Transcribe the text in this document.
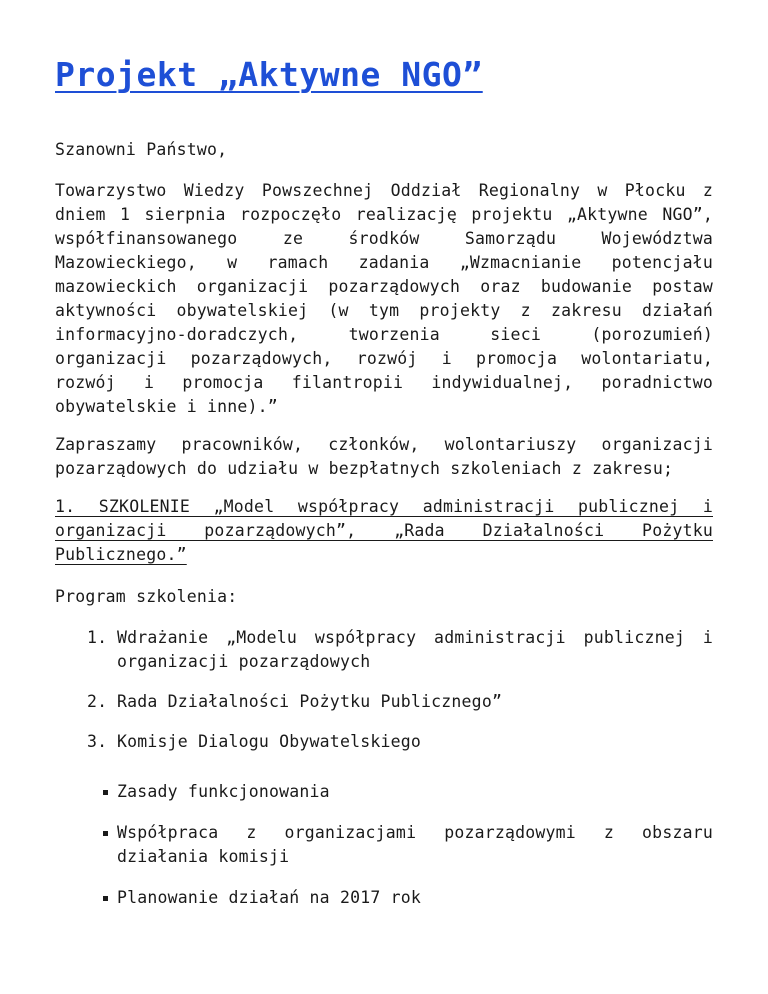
Projekt „Aktywne NGO”

Szanowni Państwo,

Towarzystwo Wiedzy Powszechnej Oddział Regionalny w Płocku z dniem 1 sierpnia rozpoczęło realizację projektu „Aktywne NGO”, współfinansowanego ze środków Samorządu Województwa Mazowieckiego, w ramach zadania „Wzmacnianie potencjału mazowieckich organizacji pozarządowych oraz budowanie postaw aktywności obywatelskiej (w tym projekty z zakresu działań informacyjno-doradczych, tworzenia sieci (porozumień) organizacji pozarządowych, rozwój i promocja wolontariatu, rozwój i promocja filantropii indywidualnej, poradnictwo obywatelskie i inne).”

Zapraszamy pracowników, członków, wolontariuszy organizacji pozarządowych do udziału w bezpłatnych szkoleniach z zakresu;

1. SZKOLENIE „Model współpracy administracji publicznej i organizacji pozarządowych”, „Rada Działalności Pożytku Publicznego.”

Program szkolenia:

1. Wdrażanie „Modelu współpracy administracji publicznej i organizacji pozarządowych
2. Rada Działalności Pożytku Publicznego”
3. Komisje Dialogu Obywatelskiego
Zasady funkcjonowania
Współpraca z organizacjami pozarządowymi z obszaru działania komisji
Planowanie działań na 2017 rok
